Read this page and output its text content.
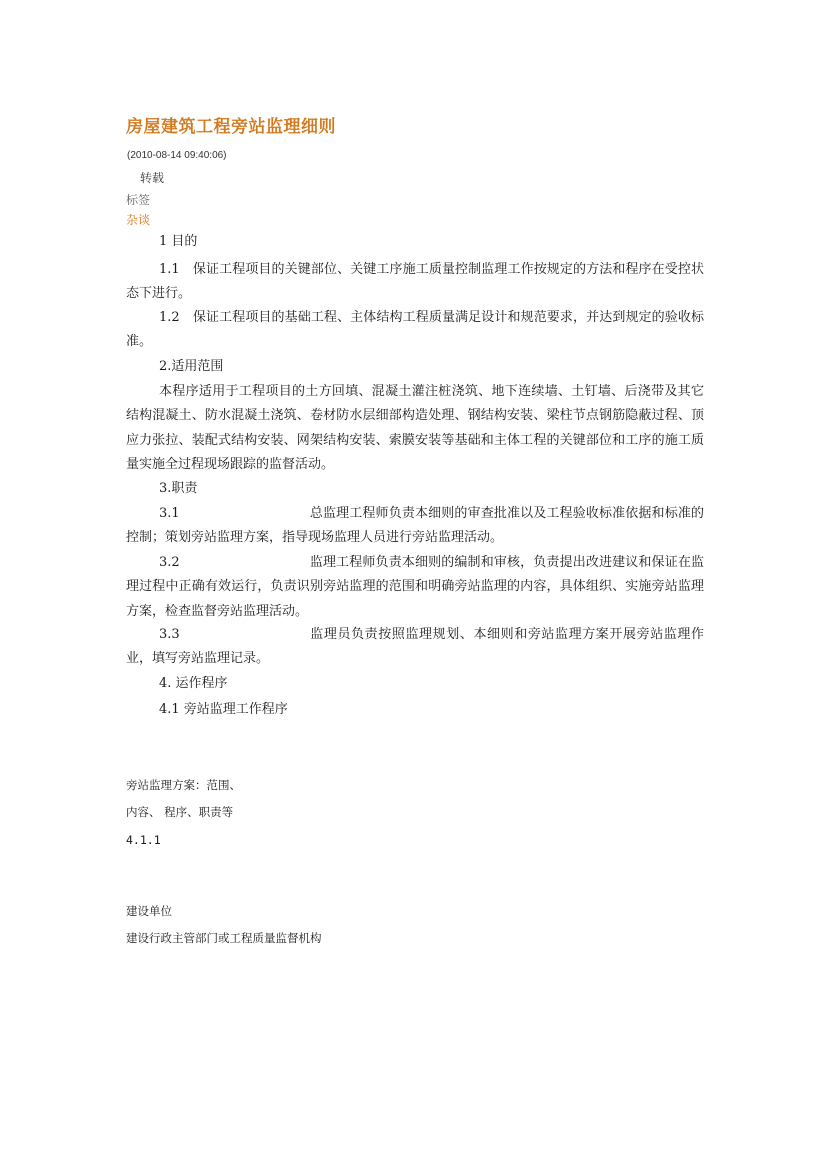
房屋建筑工程旁站监理细则
(2010-08-14 09:40:06)
转载
标签
杂谈
1 目的
1.1　保证工程项目的关键部位、关键工序施工质量控制监理工作按规定的方法和程序在受控状态下进行。
1.2　保证工程项目的基础工程、主体结构工程质量满足设计和规范要求，并达到规定的验收标准。
2.适用范围
本程序适用于工程项目的土方回填、混凝土灌注桩浇筑、地下连续墙、土钉墙、后浇带及其它结构混凝土、防水混凝土浇筑、卷材防水层细部构造处理、钢结构安装、梁柱节点钢筋隐蔽过程、顶应力张拉、装配式结构安装、网架结构安装、索膜安装等基础和主体工程的关键部位和工序的施工质量实施全过程现场跟踪的监督活动。
3.职责
3.1	总监理工程师负责本细则的审查批准以及工程验收标准依据和标准的控制；策划旁站监理方案，指导现场监理人员进行旁站监理活动。
3.2	监理工程师负责本细则的编制和审核，负责提出改进建议和保证在监理过程中正确有效运行，负责识别旁站监理的范围和明确旁站监理的内容，具体组织、实施旁站监理方案，检查监督旁站监理活动。
3.3	监理员负责按照监理规划、本细则和旁站监理方案开展旁站监理作业，填写旁站监理记录。
4. 运作程序
4.1 旁站监理工作程序
旁站监理方案：范围、
内容、 程序、职责等
4.1.1
建设单位
建设行政主管部门或工程质量监督机构
